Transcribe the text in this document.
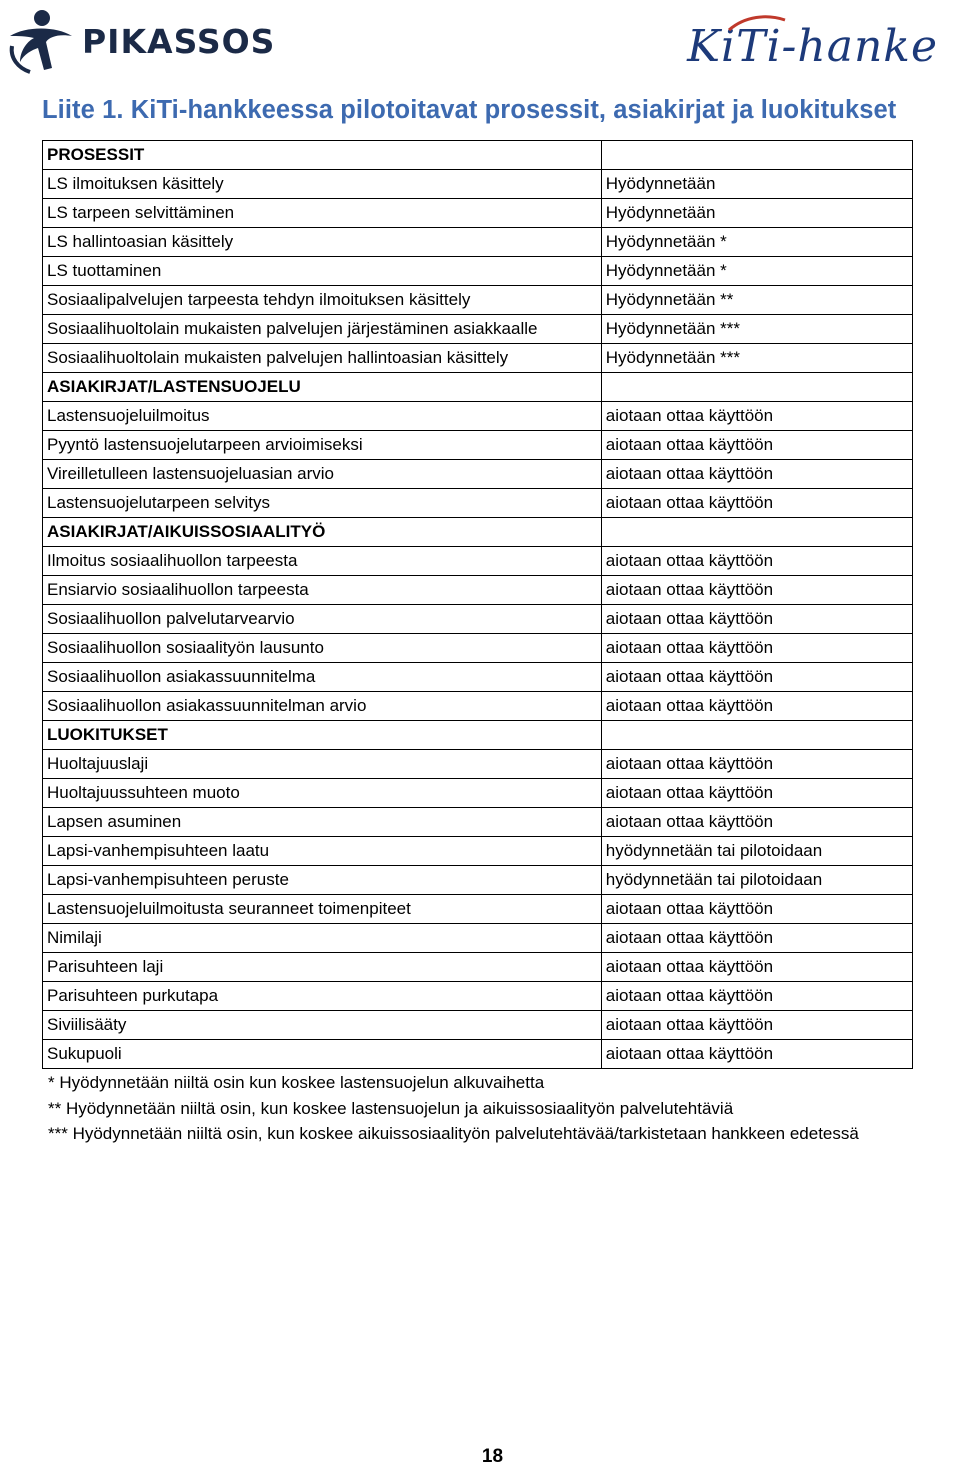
PIKASSOS	KiTi-hanke
Liite 1. KiTi-hankkeessa pilotoitavat prosessit, asiakirjat ja luokitukset
PROSESSIT	
LS ilmoituksen käsittely	Hyödynnetään
LS tarpeen selvittäminen	Hyödynnetään
LS hallintoasian käsittely	Hyödynnetään *
LS tuottaminen	Hyödynnetään *
Sosiaalipalvelujen tarpeesta tehdyn ilmoituksen käsittely	Hyödynnetään **
Sosiaalihuoltolain mukaisten palvelujen järjestäminen asiakkaalle	Hyödynnetään ***
Sosiaalihuoltolain mukaisten palvelujen hallintoasian käsittely	Hyödynnetään ***
ASIAKIRJAT/LASTENSUOJELU	
Lastensuojeluilmoitus	aiotaan ottaa käyttöön
Pyyntö lastensuojelutarpeen arvioimiseksi	aiotaan ottaa käyttöön
Vireilletulleen lastensuojeluasian arvio	aiotaan ottaa käyttöön
Lastensuojelutarpeen selvitys	aiotaan ottaa käyttöön
ASIAKIRJAT/AIKUISSOSIAALITYÖ	
Ilmoitus sosiaalihuollon tarpeesta	aiotaan ottaa käyttöön
Ensiarvio sosiaalihuollon tarpeesta	aiotaan ottaa käyttöön
Sosiaalihuollon palvelutarvearvio	aiotaan ottaa käyttöön
Sosiaalihuollon sosiaalityön lausunto	aiotaan ottaa käyttöön
Sosiaalihuollon asiakassuunnitelma	aiotaan ottaa käyttöön
Sosiaalihuollon asiakassuunnitelman arvio	aiotaan ottaa käyttöön
LUOKITUKSET	
Huoltajuuslaji	aiotaan ottaa käyttöön
Huoltajuussuhteen muoto	aiotaan ottaa käyttöön
Lapsen asuminen	aiotaan ottaa käyttöön
Lapsi-vanhempisuhteen laatu	hyödynnetään tai pilotoidaan
Lapsi-vanhempisuhteen peruste	hyödynnetään tai pilotoidaan
Lastensuojeluilmoitusta seuranneet toimenpiteet	aiotaan ottaa käyttöön
Nimilaji	aiotaan ottaa käyttöön
Parisuhteen laji	aiotaan ottaa käyttöön
Parisuhteen purkutapa	aiotaan ottaa käyttöön
Siviilisääty	aiotaan ottaa käyttöön
Sukupuoli	aiotaan ottaa käyttöön
* Hyödynnetään niiltä osin kun koskee lastensuojelun alkuvaihetta
** Hyödynnetään niiltä osin, kun koskee lastensuojelun ja aikuissosiaalityön palvelutehtäviä
*** Hyödynnetään niiltä osin, kun koskee aikuissosiaalityön palvelutehtävää/tarkistetaan hankkeen edetessä
18
